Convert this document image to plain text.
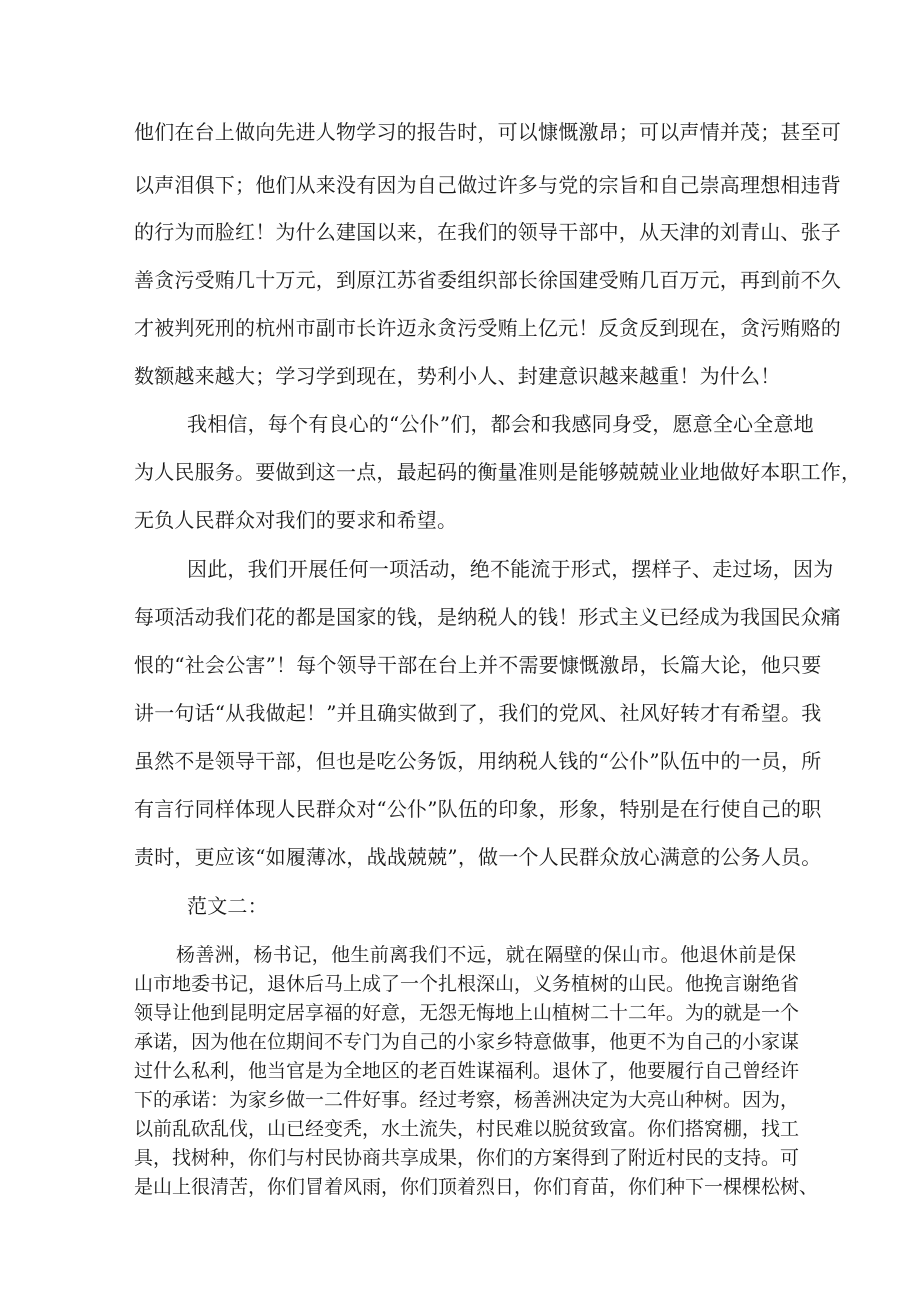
他们在台上做向先进人物学习的报告时，可以慷慨激昂；可以声情并茂；甚至可
以声泪俱下；他们从来没有因为自己做过许多与党的宗旨和自己崇高理想相违背
的行为而脸红！为什么建国以来，在我们的领导干部中，从天津的刘青山、张子
善贪污受贿几十万元，到原江苏省委组织部长徐国建受贿几百万元，再到前不久
才被判死刑的杭州市副市长许迈永贪污受贿上亿元！反贪反到现在，贪污贿赂的
数额越来越大；学习学到现在，势利小人、封建意识越来越重！为什么！
我相信，每个有良心的“公仆”们，都会和我感同身受，愿意全心全意地
为人民服务。要做到这一点，最起码的衡量准则是能够兢兢业业地做好本职工作，
无负人民群众对我们的要求和希望。
因此，我们开展任何一项活动，绝不能流于形式，摆样子、走过场，因为
每项活动我们花的都是国家的钱，是纳税人的钱！形式主义已经成为我国民众痛
恨的“社会公害”！每个领导干部在台上并不需要慷慨激昂，长篇大论，他只要
讲一句话“从我做起！”并且确实做到了，我们的党风、社风好转才有希望。我
虽然不是领导干部，但也是吃公务饭，用纳税人钱的“公仆”队伍中的一员，所
有言行同样体现人民群众对“公仆”队伍的印象，形象，特别是在行使自己的职
责时，更应该“如履薄冰，战战兢兢”，做一个人民群众放心满意的公务人员。
范文二：
杨善洲，杨书记，他生前离我们不远，就在隔壁的保山市。他退休前是保
山市地委书记，退休后马上成了一个扎根深山，义务植树的山民。他挽言谢绝省
领导让他到昆明定居享福的好意，无怨无悔地上山植树二十二年。为的就是一个
承诺，因为他在位期间不专门为自己的小家乡特意做事，他更不为自己的小家谋
过什么私利，他当官是为全地区的老百姓谋福利。退休了，他要履行自己曾经许
下的承诺：为家乡做一二件好事。经过考察，杨善洲决定为大亮山种树。因为，
以前乱砍乱伐，山已经变秃，水土流失，村民难以脱贫致富。你们搭窝棚，找工
具，找树种，你们与村民协商共享成果，你们的方案得到了附近村民的支持。可
是山上很清苦，你们冒着风雨，你们顶着烈日，你们育苗，你们种下一棵棵松树、
